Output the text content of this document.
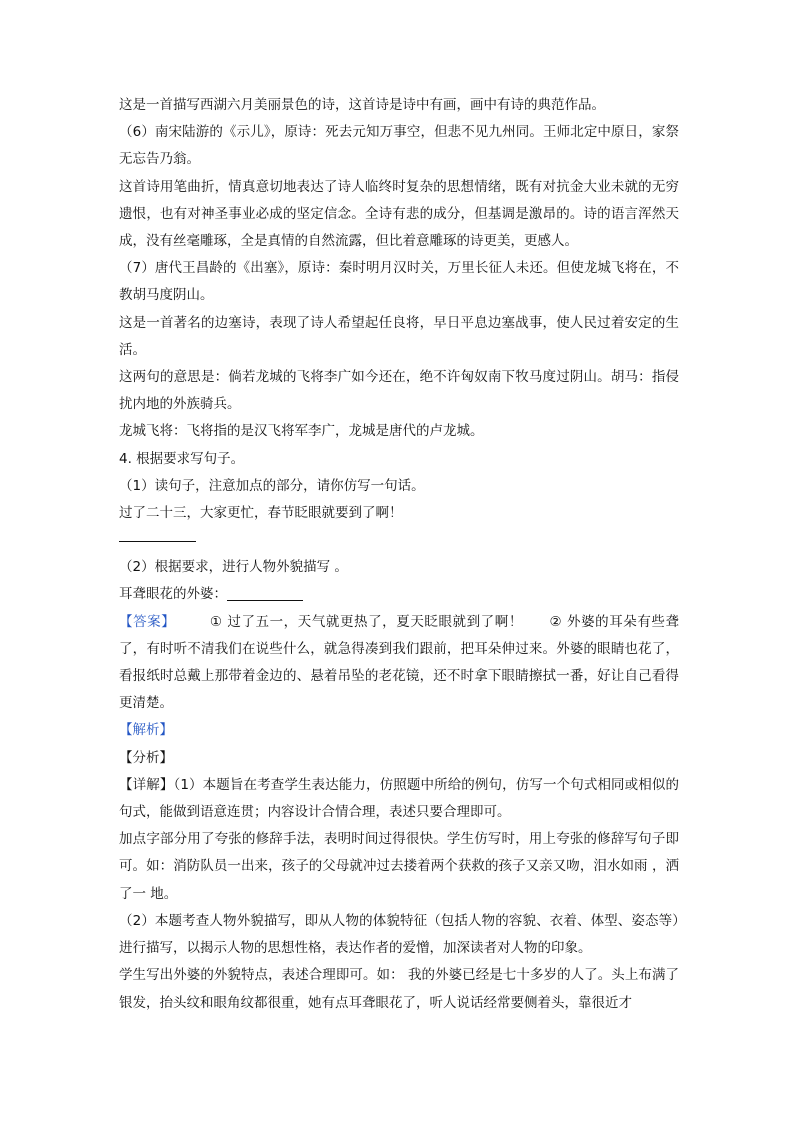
这是一首描写西湖六月美丽景色的诗，这首诗是诗中有画，画中有诗的典范作品。

（6）南宋陆游的《示儿》，原诗：死去元知万事空，但悲不见九州同。王师北定中原日，家祭无忘告乃翁。

这首诗用笔曲折，情真意切地表达了诗人临终时复杂的思想情绪，既有对抗金大业未就的无穷遗恨，也有对神圣事业必成的坚定信念。全诗有悲的成分，但基调是激昂的。诗的语言浑然天成，没有丝毫雕琢，全是真情的自然流露，但比着意雕琢的诗更美，更感人。

（7）唐代王昌龄的《出塞》，原诗：秦时明月汉时关，万里长征人未还。但使龙城飞将在，不教胡马度阴山。

这是一首著名的边塞诗，表现了诗人希望起任良将，早日平息边塞战事，使人民过着安定的生活。

这两句的意思是：倘若龙城的飞将李广如今还在，绝不许匈奴南下牧马度过阴山。胡马：指侵扰内地的外族骑兵。

龙城飞将：飞将指的是汉飞将军李广，龙城是唐代的卢龙城。

4. 根据要求写句子。

（1）读句子，注意加点的部分，请你仿写一句话。

过了二十三，大家更忙，春节眨眼就要到了啊！

（2）根据要求，进行人物外貌描写 。

耳聋眼花的外婆：

【答案】	① 过了五一，天气就更热了，夏天眨眼就到了啊！ ② 外婆的耳朵有些聋了，有时听不清我们在说些什么，就急得凑到我们跟前，把耳朵伸过来。外婆的眼睛也花了，看报纸时总戴上那带着金边的、悬着吊坠的老花镜，还不时拿下眼睛擦拭一番，好让自己看得更清楚。

【解析】

【分析】

【详解】（1）本题旨在考查学生表达能力，仿照题中所给的例句，仿写一个句式相同或相似的句式，能做到语意连贯；内容设计合情合理，表述只要合理即可。

加点字部分用了夸张的修辞手法，表明时间过得很快。学生仿写时，用上夸张的修辞写句子即可。如：消防队员一出来，孩子的父母就冲过去搂着两个获救的孩子又亲又吻，泪水如雨 ，洒了一 地。

（2）本题考查人物外貌描写，即从人物的体貌特征（包括人物的容貌、衣着、体型、姿态等）进行描写，以揭示人物的思想性格，表达作者的爱憎，加深读者对人物的印象。

学生写出外婆的外貌特点，表述合理即可。如： 我的外婆已经是七十多岁的人了。头上布满了银发，抬头纹和眼角纹都很重，她有点耳聋眼花了，听人说话经常要侧着头，靠很近才
